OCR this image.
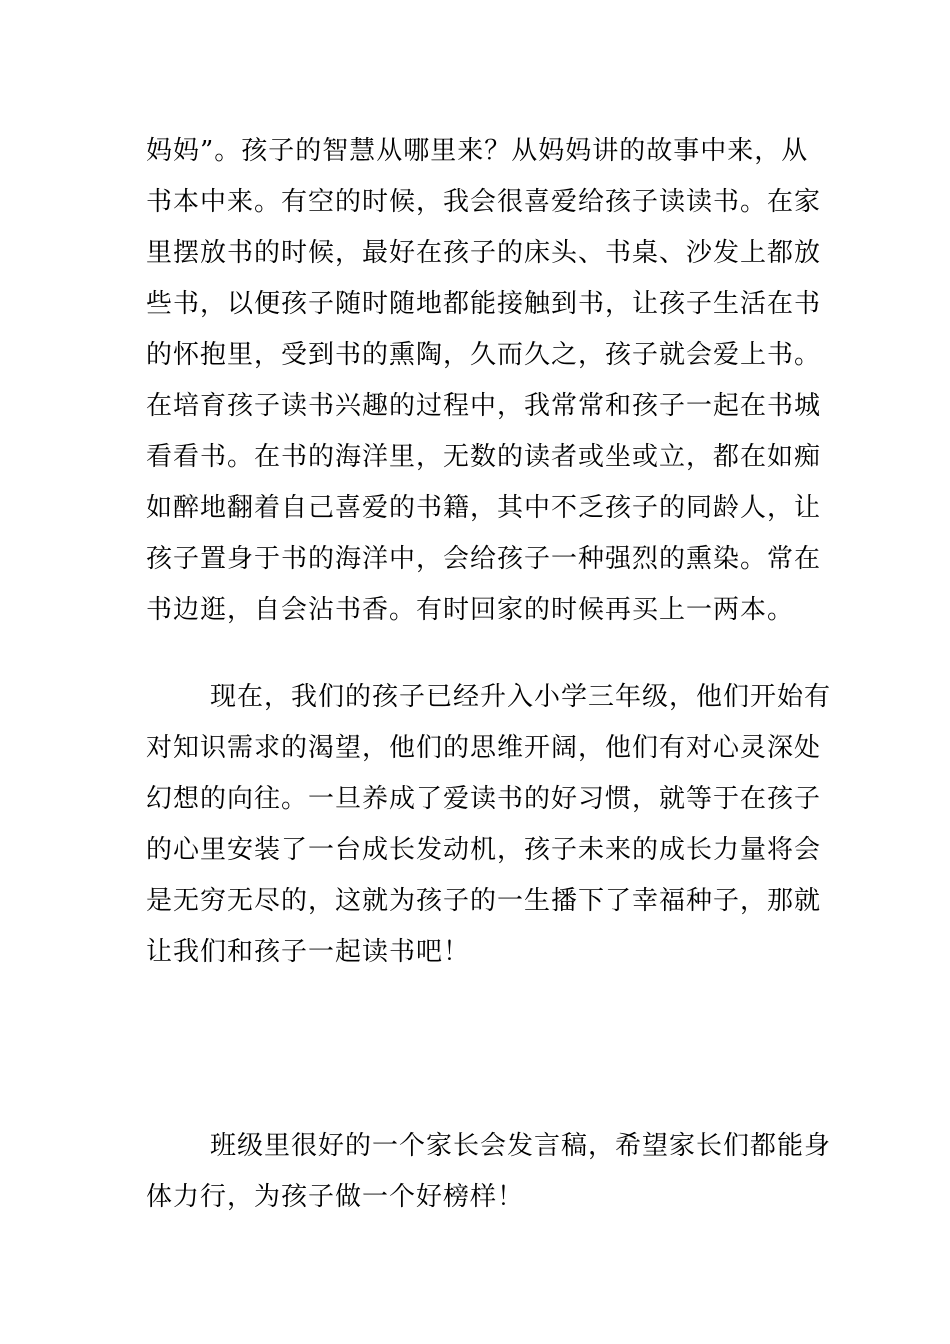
妈妈”。孩子的智慧从哪里来？从妈妈讲的故事中来，从
书本中来。有空的时候，我会很喜爱给孩子读读书。在家
里摆放书的时候，最好在孩子的床头、书桌、沙发上都放
些书，以便孩子随时随地都能接触到书，让孩子生活在书
的怀抱里，受到书的熏陶，久而久之，孩子就会爱上书。
在培育孩子读书兴趣的过程中，我常常和孩子一起在书城
看看书。在书的海洋里，无数的读者或坐或立，都在如痴
如醉地翻着自己喜爱的书籍，其中不乏孩子的同龄人，让
孩子置身于书的海洋中，会给孩子一种强烈的熏染。常在
书边逛，自会沾书香。有时回家的时候再买上一两本。
现在，我们的孩子已经升入小学三年级，他们开始有
对知识需求的渴望，他们的思维开阔，他们有对心灵深处
幻想的向往。一旦养成了爱读书的好习惯，就等于在孩子
的心里安装了一台成长发动机，孩子未来的成长力量将会
是无穷无尽的，这就为孩子的一生播下了幸福种子，那就
让我们和孩子一起读书吧！
班级里很好的一个家长会发言稿，希望家长们都能身
体力行，为孩子做一个好榜样！
